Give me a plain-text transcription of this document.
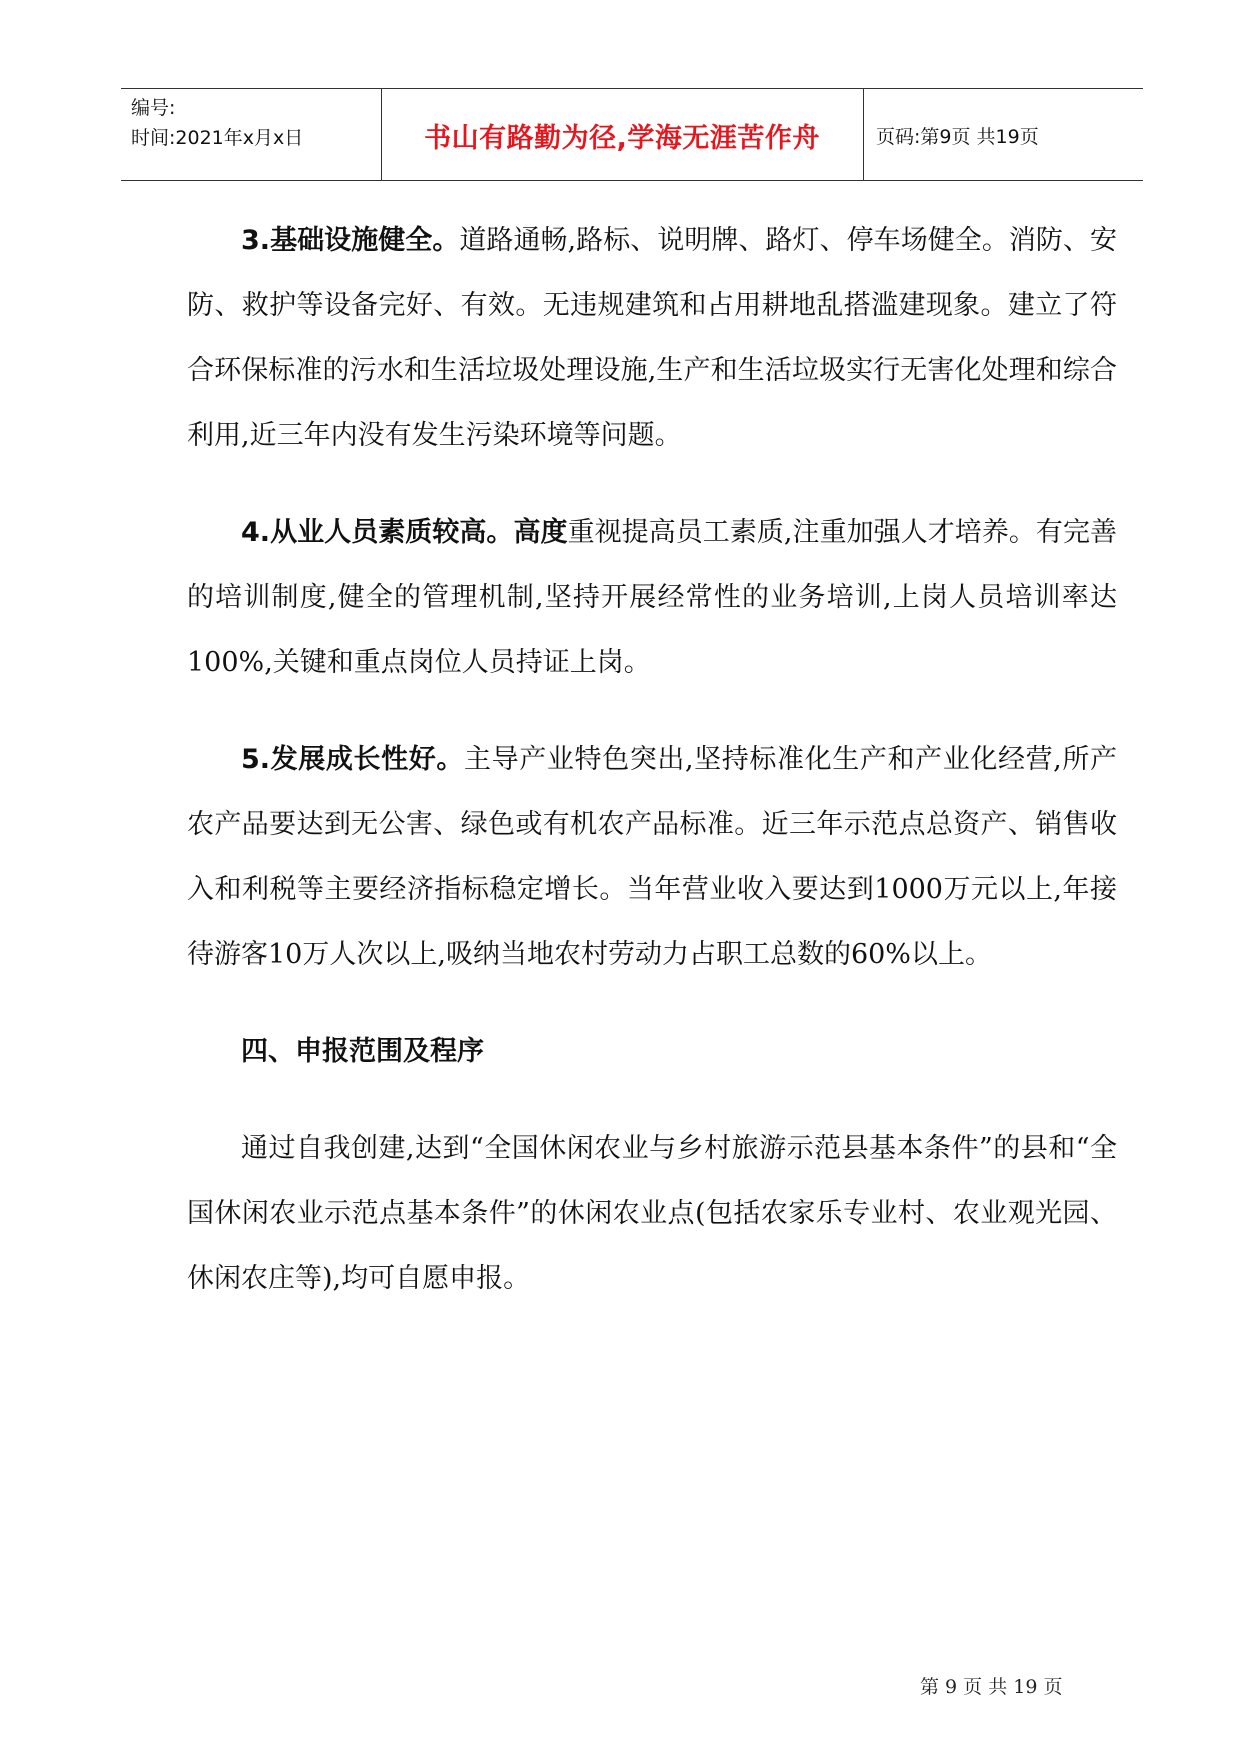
编号:
时间:2021年x月x日	书山有路勤为径,学海无涯苦作舟	页码:第9页 共19页

3.基础设施健全。道路通畅,路标、说明牌、路灯、停车场健全。消防、安防、救护等设备完好、有效。无违规建筑和占用耕地乱搭滥建现象。建立了符合环保标准的污水和生活垃圾处理设施,生产和生活垃圾实行无害化处理和综合利用,近三年内没有发生污染环境等问题。

4.从业人员素质较高。高度重视提高员工素质,注重加强人才培养。有完善的培训制度,健全的管理机制,坚持开展经常性的业务培训,上岗人员培训率达 100%,关键和重点岗位人员持证上岗。

5.发展成长性好。主导产业特色突出,坚持标准化生产和产业化经营,所产农产品要达到无公害、绿色或有机农产品标准。近三年示范点总资产、销售收入和利税等主要经济指标稳定增长。当年营业收入要达到1000万元以上,年接待游客10万人次以上,吸纳当地农村劳动力占职工总数的60%以上。

四、申报范围及程序

通过自我创建,达到“全国休闲农业与乡村旅游示范县基本条件”的县和“全国休闲农业示范点基本条件”的休闲农业点(包括农家乐专业村、农业观光园、休闲农庄等),均可自愿申报。

第 9 页 共 19 页
